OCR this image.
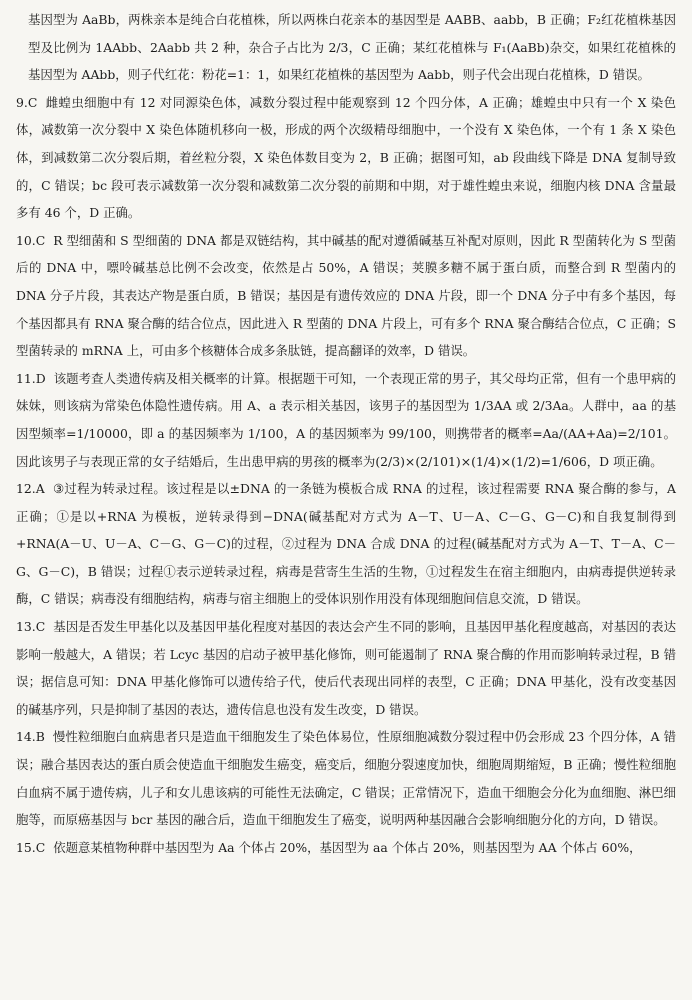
基因型为 AaBb，两株亲本是纯合白花植株，所以两株白花亲本的基因型是 AABB、aabb，B 正确；F₂红花植株基因型及比例为 1AAbb、2Aabb 共 2 种，杂合子占比为 2/3，C 正确；某红花植株与 F₁(AaBb)杂交，如果红花植株的基因型为 AAbb，则子代红花：粉花=1：1，如果红花植株的基因型为 Aabb，则子代会出现白花植株，D 错误。

9.C 雌蝗虫细胞中有 12 对同源染色体，减数分裂过程中能观察到 12 个四分体，A 正确；雄蝗虫中只有一个 X 染色体，减数第一次分裂中 X 染色体随机移向一极，形成的两个次级精母细胞中，一个没有 X 染色体，一个有 1 条 X 染色体，到减数第二次分裂后期，着丝粒分裂，X 染色体数目变为 2，B 正确；据图可知，ab 段曲线下降是 DNA 复制导致的，C 错误；bc 段可表示减数第一次分裂和减数第二次分裂的前期和中期，对于雄性蝗虫来说，细胞内核 DNA 含量最多有 46 个，D 正确。

10.C R 型细菌和 S 型细菌的 DNA 都是双链结构，其中碱基的配对遵循碱基互补配对原则，因此 R 型菌转化为 S 型菌后的 DNA 中，嘌呤碱基总比例不会改变，依然是占 50%，A 错误；荚膜多糖不属于蛋白质，而整合到 R 型菌内的 DNA 分子片段，其表达产物是蛋白质，B 错误；基因是有遗传效应的 DNA 片段，即一个 DNA 分子中有多个基因，每个基因都具有 RNA 聚合酶的结合位点，因此进入 R 型菌的 DNA 片段上，可有多个 RNA 聚合酶结合位点，C 正确；S 型菌转录的 mRNA 上，可由多个核糖体合成多条肽链，提高翻译的效率，D 错误。

11.D 该题考查人类遗传病及相关概率的计算。根据题干可知，一个表现正常的男子，其父母均正常，但有一个患甲病的妹妹，则该病为常染色体隐性遗传病。用 A、a 表示相关基因，该男子的基因型为 1/3AA 或 2/3Aa。人群中，aa 的基因型频率=1/10000，即 a 的基因频率为 1/100，A 的基因频率为 99/100，则携带者的概率=Aa/(AA+Aa)=2/101。因此该男子与表现正常的女子结婚后，生出患甲病的男孩的概率为(2/3)×(2/101)×(1/4)×(1/2)=1/606，D 项正确。

12.A ③过程为转录过程。该过程是以±DNA 的一条链为模板合成 RNA 的过程，该过程需要 RNA 聚合酶的参与，A 正确；①是以+RNA 为模板，逆转录得到−DNA(碱基配对方式为 A－T、U－A、C－G、G－C)和自我复制得到+RNA(A－U、U－A、C－G、G－C)的过程，②过程为 DNA 合成 DNA 的过程(碱基配对方式为 A－T、T－A、C－G、G－C)，B 错误；过程①表示逆转录过程，病毒是营寄生生活的生物，①过程发生在宿主细胞内，由病毒提供逆转录酶，C 错误；病毒没有细胞结构，病毒与宿主细胞上的受体识别作用没有体现细胞间信息交流，D 错误。

13.C 基因是否发生甲基化以及基因甲基化程度对基因的表达会产生不同的影响，且基因甲基化程度越高，对基因的表达影响一般越大，A 错误；若 Lcyc 基因的启动子被甲基化修饰，则可能遏制了 RNA 聚合酶的作用而影响转录过程，B 错误；据信息可知：DNA 甲基化修饰可以遗传给子代，使后代表现出同样的表型，C 正确；DNA 甲基化，没有改变基因的碱基序列，只是抑制了基因的表达，遗传信息也没有发生改变，D 错误。

14.B 慢性粒细胞白血病患者只是造血干细胞发生了染色体易位，性原细胞减数分裂过程中仍会形成 23 个四分体，A 错误；融合基因表达的蛋白质会使造血干细胞发生癌变，癌变后，细胞分裂速度加快，细胞周期缩短，B 正确；慢性粒细胞白血病不属于遗传病，儿子和女儿患该病的可能性无法确定，C 错误；正常情况下，造血干细胞会分化为血细胞、淋巴细胞等，而原癌基因与 bcr 基因的融合后，造血干细胞发生了癌变，说明两种基因融合会影响细胞分化的方向，D 错误。

15.C 依题意某植物种群中基因型为 Aa 个体占 20%，基因型为 aa 个体占 20%，则基因型为 AA 个体占 60%，
